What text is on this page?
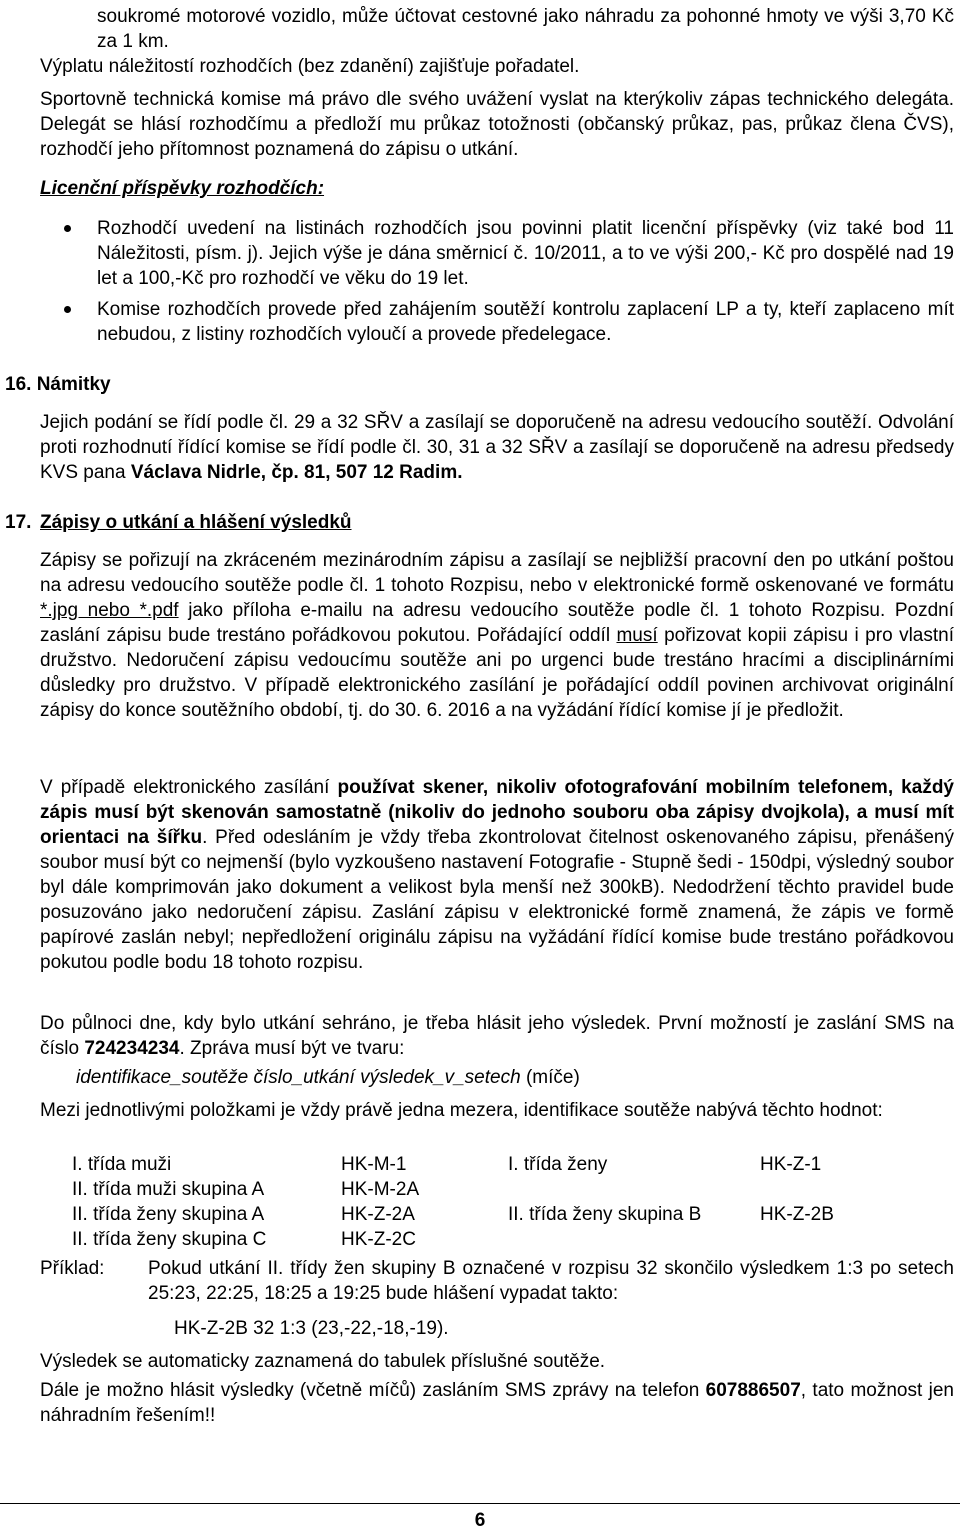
soukromé motorové vozidlo, může účtovat cestovné jako náhradu za pohonné hmoty ve výši 3,70 Kč za 1 km.

Výplatu náležitostí rozhodčích (bez zdanění) zajišťuje pořadatel.

Sportovně technická komise má právo dle svého uvážení vyslat na kterýkoliv zápas technického delegáta. Delegát se hlásí rozhodčímu a předloží mu průkaz totožnosti (občanský průkaz, pas, průkaz člena ČVS), rozhodčí jeho přítomnost poznamená do zápisu o utkání.

Licenční příspěvky rozhodčích:

Rozhodčí uvedení na listinách rozhodčích jsou povinni platit licenční příspěvky (viz také bod 11 Náležitosti, písm. j). Jejich výše je dána směrnicí č. 10/2011, a to ve výši 200,- Kč pro dospělé nad 19 let a 100,-Kč pro rozhodčí ve věku do 19 let.

Komise rozhodčích provede před zahájením soutěží kontrolu zaplacení LP a ty, kteří zaplaceno mít nebudou, z listiny rozhodčích vyloučí a provede předelegace.

16. Námitky

Jejich podání se řídí podle čl. 29 a 32 SŘV a zasílají se doporučeně na adresu vedoucího soutěží. Odvolání proti rozhodnutí řídící komise se řídí podle čl. 30, 31 a 32 SŘV a zasílají se doporučeně na adresu předsedy KVS pana Václava Nidrle, čp. 81, 507 12 Radim.

17. Zápisy o utkání a hlášení výsledků

Zápisy se pořizují na zkráceném mezinárodním zápisu a zasílají se nejbližší pracovní den po utkání poštou na adresu vedoucího soutěže podle čl. 1 tohoto Rozpisu, nebo v elektronické formě oskenované ve formátu *.jpg nebo *.pdf jako příloha e-mailu na adresu vedoucího soutěže podle čl. 1 tohoto Rozpisu. Pozdní zaslání zápisu bude trestáno pořádkovou pokutou. Pořádající oddíl musí pořizovat kopii zápisu i pro vlastní družstvo. Nedoručení zápisu vedoucímu soutěže ani po urgenci bude trestáno hracími a disciplinárními důsledky pro družstvo. V případě elektronického zasílání je pořádající oddíl povinen archivovat originální zápisy do konce soutěžního období, tj. do 30. 6. 2016 a na vyžádání řídící komise jí je předložit.

V případě elektronického zasílání používat skener, nikoliv ofotografování mobilním telefonem, každý zápis musí být skenován samostatně (nikoliv do jednoho souboru oba zápisy dvojkola), a musí mít orientaci na šířku. Před odesláním je vždy třeba zkontrolovat čitelnost oskenovaného zápisu, přenášený soubor musí být co nejmenší (bylo vyzkoušeno nastavení Fotografie - Stupně šedi - 150dpi, výsledný soubor byl dále komprimován jako dokument a velikost byla menší než 300kB). Nedodržení těchto pravidel bude posuzováno jako nedoručení zápisu. Zaslání zápisu v elektronické formě znamená, že zápis ve formě papírové zaslán nebyl; nepředložení originálu zápisu na vyžádání řídící komise bude trestáno pořádkovou pokutou podle bodu 18 tohoto rozpisu.

Do půlnoci dne, kdy bylo utkání sehráno, je třeba hlásit jeho výsledek. První možností je zaslání SMS na číslo 724234234. Zpráva musí být ve tvaru:

identifikace_soutěže číslo_utkání výsledek_v_setech (míče)

Mezi jednotlivými položkami je vždy právě jedna mezera, identifikace soutěže nabývá těchto hodnot:

I. třída muži	HK-M-1	I. třída ženy	HK-Z-1
II. třída muži skupina A	HK-M-2A		
II. třída ženy skupina A	HK-Z-2A	II. třída ženy skupina B	HK-Z-2B
II. třída ženy skupina C	HK-Z-2C		

Příklad: Pokud utkání II. třídy žen skupiny B označené v rozpisu 32 skončilo výsledkem 1:3 po setech 25:23, 22:25, 18:25 a 19:25 bude hlášení vypadat takto:

HK-Z-2B 32 1:3 (23,-22,-18,-19).

Výsledek se automaticky zaznamená do tabulek příslušné soutěže.

Dále je možno hlásit výsledky (včetně míčů) zasláním SMS zprávy na telefon 607886507, tato možnost jen náhradním řešením!!

6
